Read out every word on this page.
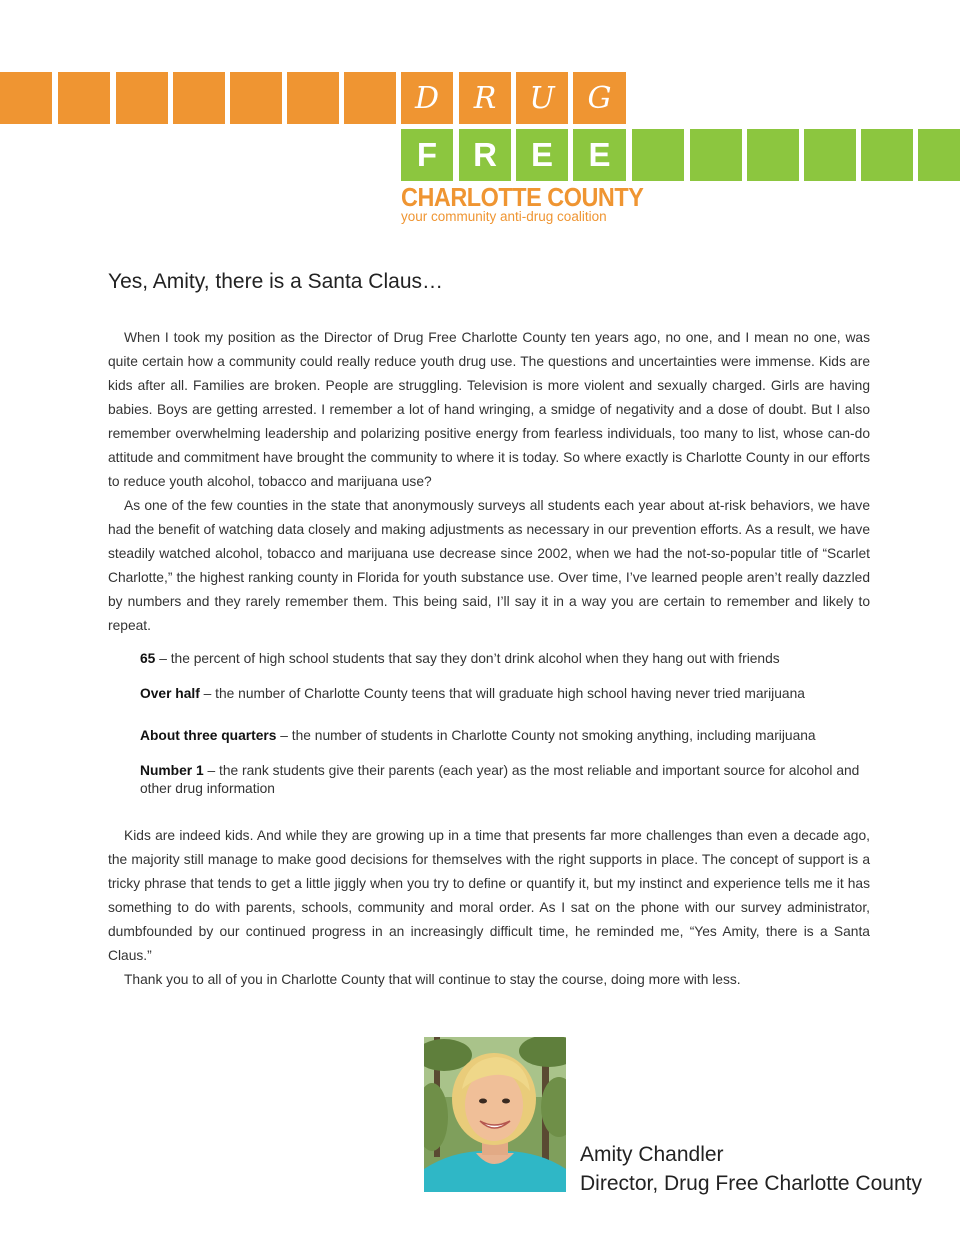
D	R	U	G
F	R	E	E
CHARLOTTE COUNTY
your community anti-drug coalition
Yes, Amity, there is a Santa Claus…

When I took my position as the Director of Drug Free Charlotte County ten years ago, no one, and I mean no one, was quite certain how a community could really reduce youth drug use. The questions and uncertainties were immense. Kids are kids after all. Families are broken. People are struggling. Television is more violent and sexually charged. Girls are having babies. Boys are getting arrested. I remember a lot of hand wringing, a smidge of negativity and a dose of doubt. But I also remember overwhelming leadership and polarizing positive energy from fearless individuals, too many to list, whose can-do attitude and commitment have brought the community to where it is today. So where exactly is Charlotte County in our efforts to reduce youth alcohol, tobacco and marijuana use?

As one of the few counties in the state that anonymously surveys all students each year about at-risk behaviors, we have had the benefit of watching data closely and making adjustments as necessary in our prevention efforts. As a result, we have steadily watched alcohol, tobacco and marijuana use decrease since 2002, when we had the not-so-popular title of “Scarlet Charlotte,” the highest ranking county in Florida for youth substance use. Over time, I’ve learned people aren’t really dazzled by numbers and they rarely remember them. This being said, I’ll say it in a way you are certain to remember and likely to repeat.

65 – the percent of high school students that say they don’t drink alcohol when they hang out with friends
Over half – the number of Charlotte County teens that will graduate high school having never tried marijuana
About three quarters – the number of students in Charlotte County not smoking anything, including marijuana
Number 1 – the rank students give their parents (each year) as the most reliable and important source for alcohol and other drug information

Kids are indeed kids. And while they are growing up in a time that presents far more challenges than even a decade ago, the majority still manage to make good decisions for themselves with the right supports in place. The concept of support is a tricky phrase that tends to get a little jiggly when you try to define or quantify it, but my instinct and experience tells me it has something to do with parents, schools, community and moral order. As I sat on the phone with our survey administrator, dumbfounded by our continued progress in an increasingly difficult time, he reminded me, “Yes Amity, there is a Santa Claus.”

Thank you to all of you in Charlotte County that will continue to stay the course, doing more with less.

Amity Chandler
Director, Drug Free Charlotte County
